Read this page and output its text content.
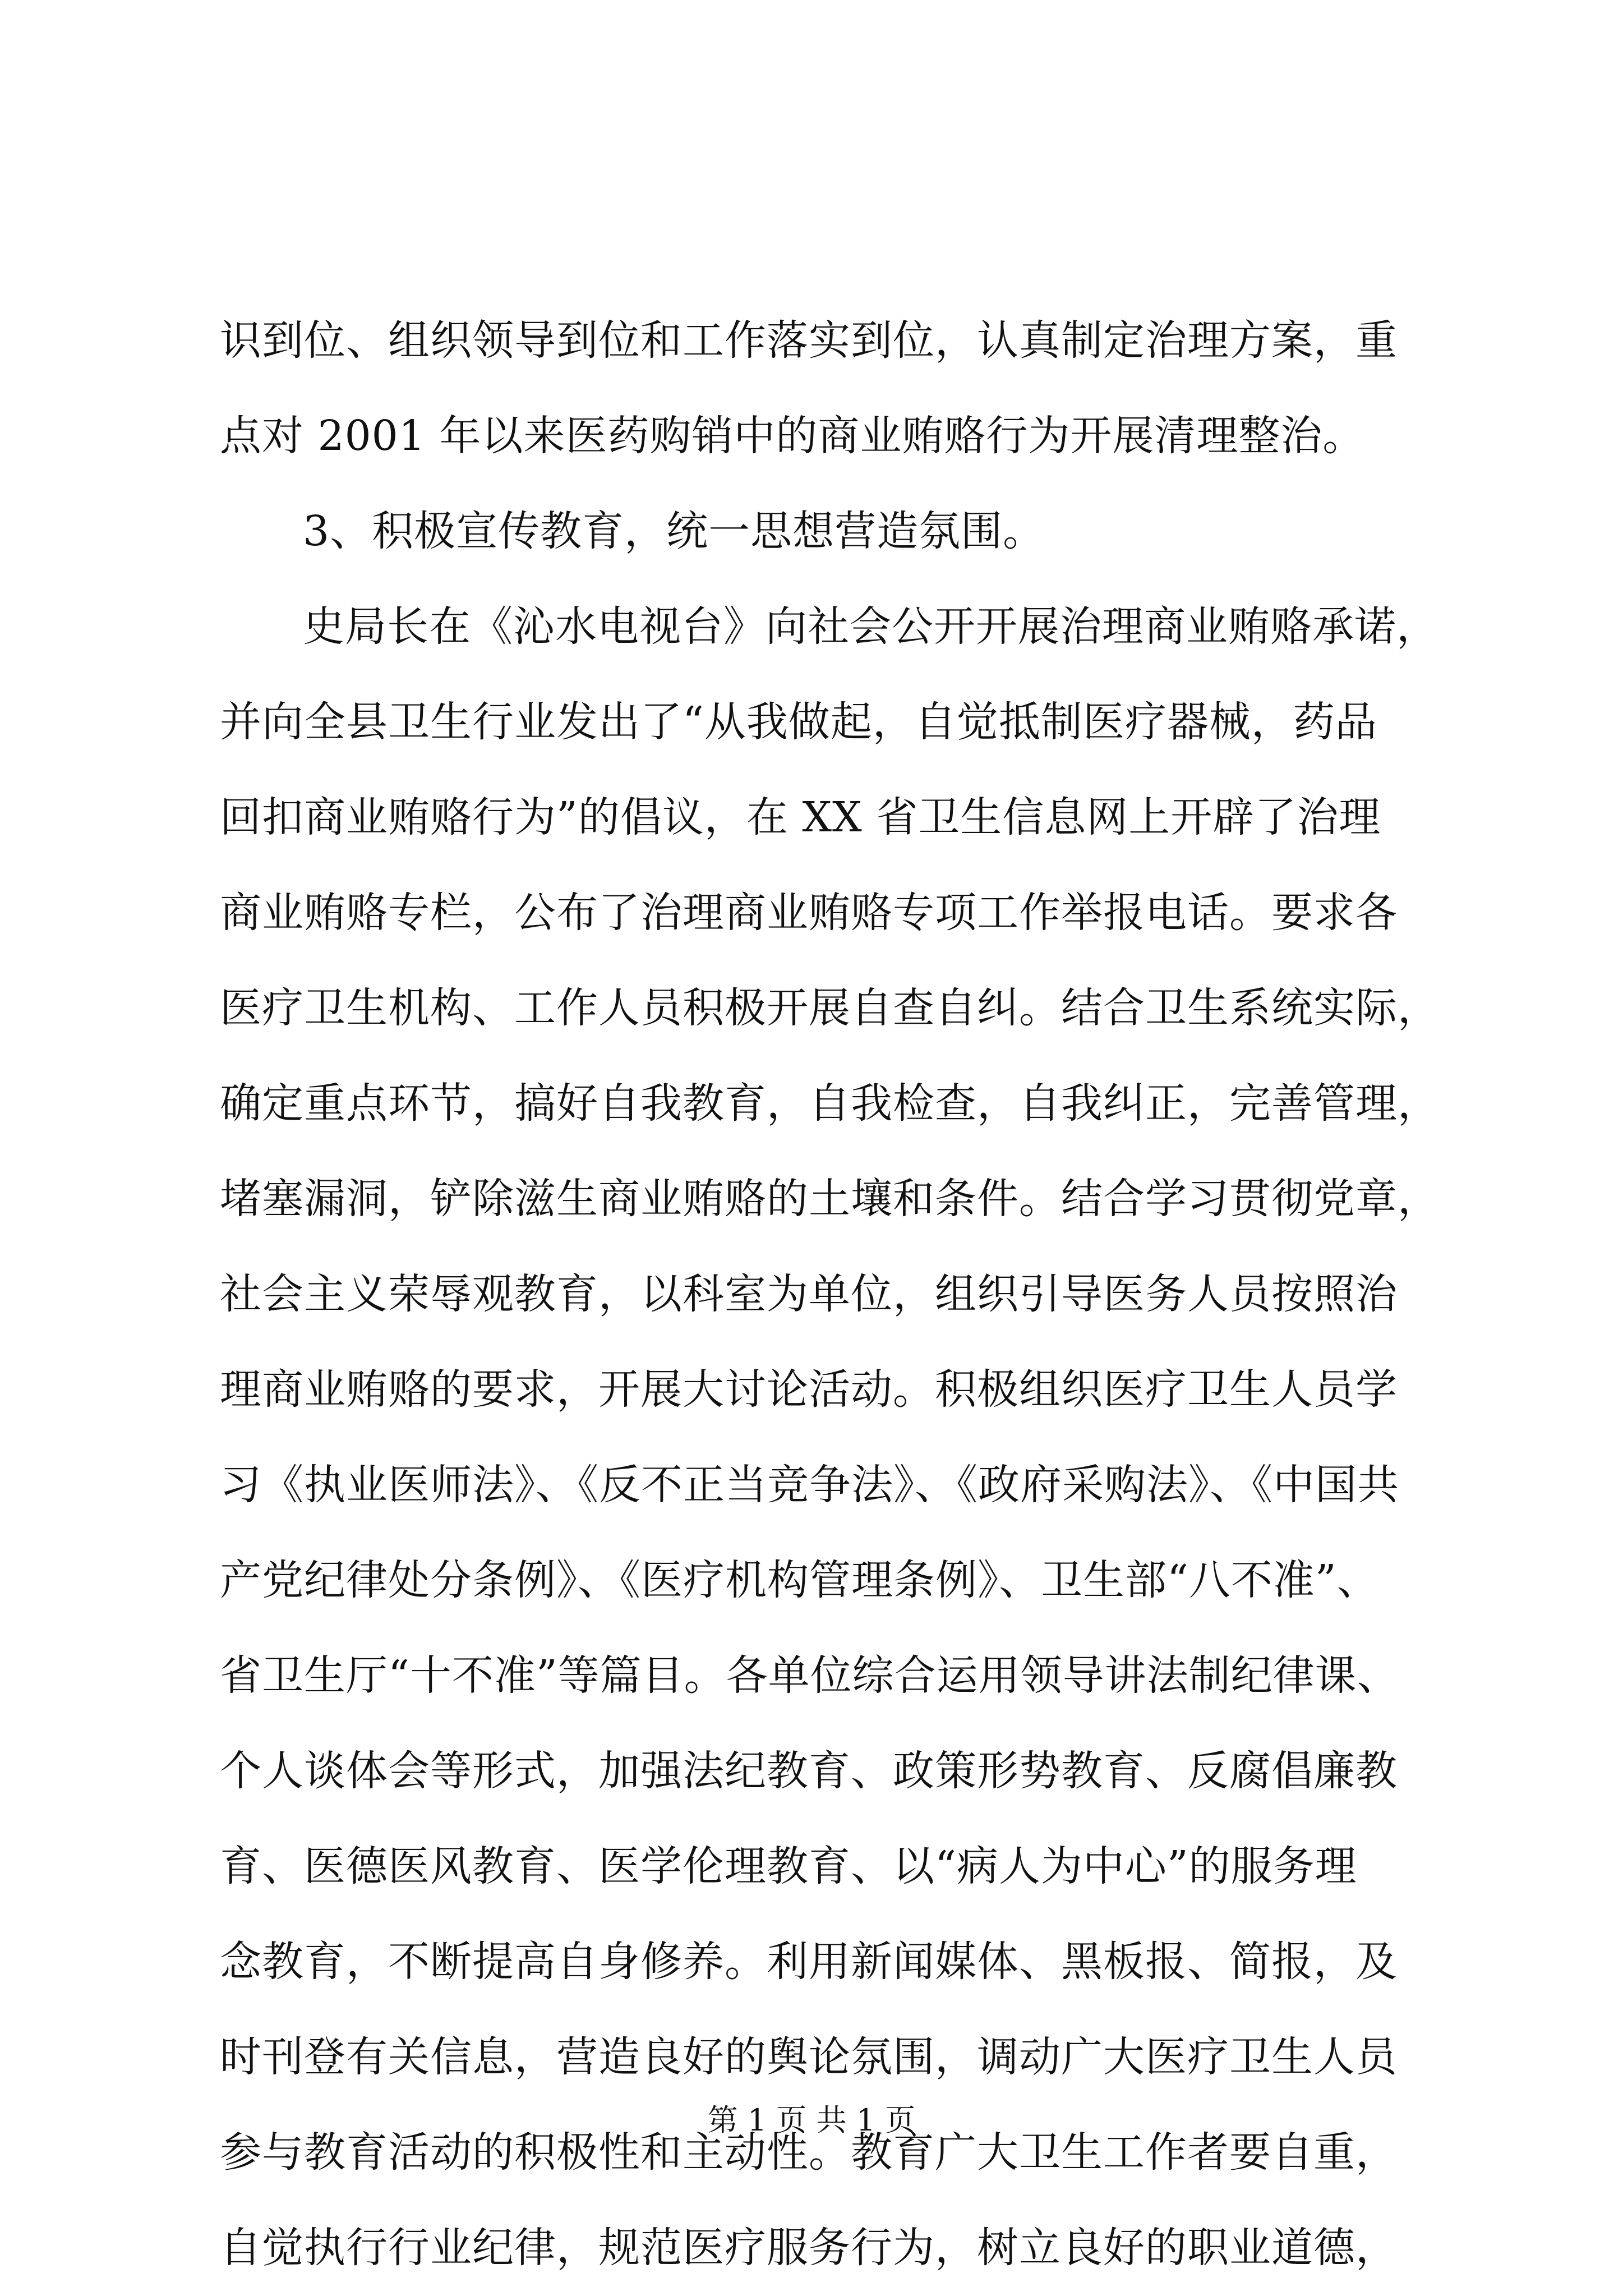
识到位、组织领导到位和工作落实到位，认真制定治理方案，重
点对 2001 年以来医药购销中的商业贿赂行为开展清理整治。
3、积极宣传教育，统一思想营造氛围。
史局长在《沁水电视台》向社会公开开展治理商业贿赂承诺，
并向全县卫生行业发出了“从我做起，自觉抵制医疗器械，药品
回扣商业贿赂行为”的倡议，在 XX 省卫生信息网上开辟了治理
商业贿赂专栏，公布了治理商业贿赂专项工作举报电话。要求各
医疗卫生机构、工作人员积极开展自查自纠。结合卫生系统实际，
确定重点环节，搞好自我教育，自我检查，自我纠正，完善管理，
堵塞漏洞，铲除滋生商业贿赂的土壤和条件。结合学习贯彻党章，
社会主义荣辱观教育，以科室为单位，组织引导医务人员按照治
理商业贿赂的要求，开展大讨论活动。积极组织医疗卫生人员学
习《执业医师法》、《反不正当竞争法》、《政府采购法》、《中国共
产党纪律处分条例》、《医疗机构管理条例》、卫生部“八不准”、
省卫生厅“十不准”等篇目。各单位综合运用领导讲法制纪律课、
个人谈体会等形式，加强法纪教育、政策形势教育、反腐倡廉教
育、医德医风教育、医学伦理教育、以“病人为中心”的服务理
念教育，不断提高自身修养。利用新闻媒体、黑板报、简报，及
时刊登有关信息，营造良好的舆论氛围，调动广大医疗卫生人员
参与教育活动的积极性和主动性。教育广大卫生工作者要自重，
自觉执行行业纪律，规范医疗服务行为，树立良好的职业道德，
第 1 页 共 1 页
